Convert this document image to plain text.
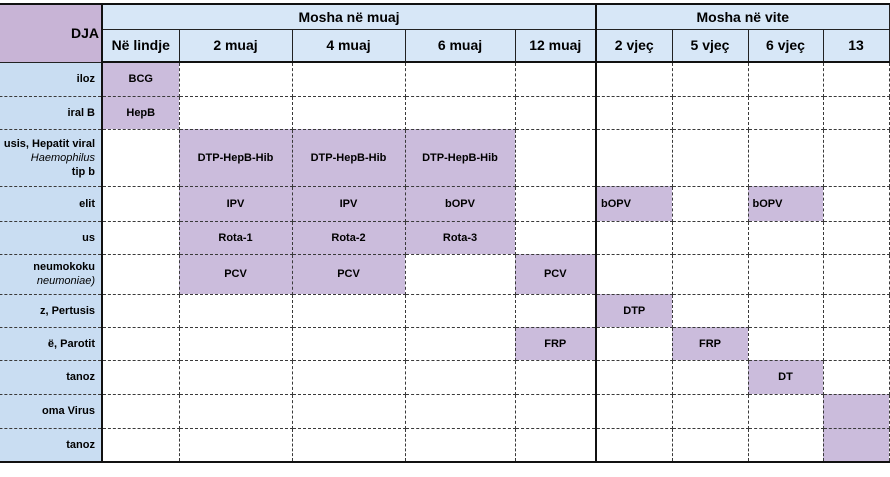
DJA	Mosha në muaj					Mosha në vite			
	Në lindje	2 muaj	4 muaj	6 muaj	12 muaj	2 vjeç	5 vjeç	6 vjeç	13

iloz	BCG								

iral B	HepB								

usis, Hepatit viral
Haemophilus
tip b		DTP-HepB-Hib	DTP-HepB-Hib	DTP-HepB-Hib					

elit		IPV	IPV	bOPV		bOPV		bOPV	

us		Rota-1	Rota-2	Rota-3					

neumokoku
neumoniae)		PCV	PCV		PCV				

z, Pertusis						DTP			

ë, Parotit					FRP		FRP		

tanoz								DT	

oma Virus									

tanoz									
